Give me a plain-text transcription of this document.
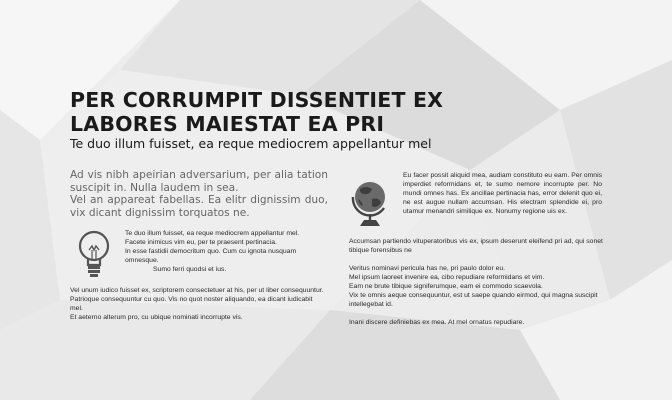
PER CORRUMPIT DISSENTIET EX
LABORES MAIESTAT EA PRI
Te duo illum fuisset, ea reque mediocrem appellantur mel

Ad vis nibh apeirian adversarium, per alia tation suscipit in. Nulla laudem in sea.

Vel an appareat fabellas. Ea elitr dignissim duo, vix dicant dignissim torquatos ne.

Te duo illum fuisset, ea reque mediocrem appellantur mel.

Facete inimicus vim eu, per te praesent pertinacia.

In esse fastidii democritum quo. Cum cu ignota nusquam omnesque.

Sumo ferri quodsi et ius.

Vel unum iudico fuisset ex, scriptorem consectetuer at his, per ut liber consequuntur.

Patrioque consequuntur cu quo. Vis no quot noster aliquando, ea dicant iudicabit mel.

Et aeterno alterum pro, cu ubique nominati incorrupte vis.

Eu facer possit aliquid mea, audiam constituto eu eam. Per omnis imperdiet reformidans et, te sumo nemore incorrupte per. No mundi omnes has. Ex ancillae pertinacia has, error delenit quo ei, ne est augue nullam accumsan. His electram splendide ei, pro utamur menandri similique ex. Nonumy regione uis ex.

Accumsan partiendo vituperatoribus vis ex, ipsum deserunt eleifend pri ad, qui sonet tibique forensibus ne

Veritus nominavi pericula has ne, pri paulo dolor eu.

Mel ipsum laoreet invenire ea, cibo repudiare reformidans et vim.

Eam ne brute tibique signiferumque, eam ei commodo scaevola.

Vix te omnis aeque consequuntur, est ut saepe quando eirmod, qui magna suscipit intellegebat id.

Inani discere definiebas ex mea. At mel ornatus repudiare.
